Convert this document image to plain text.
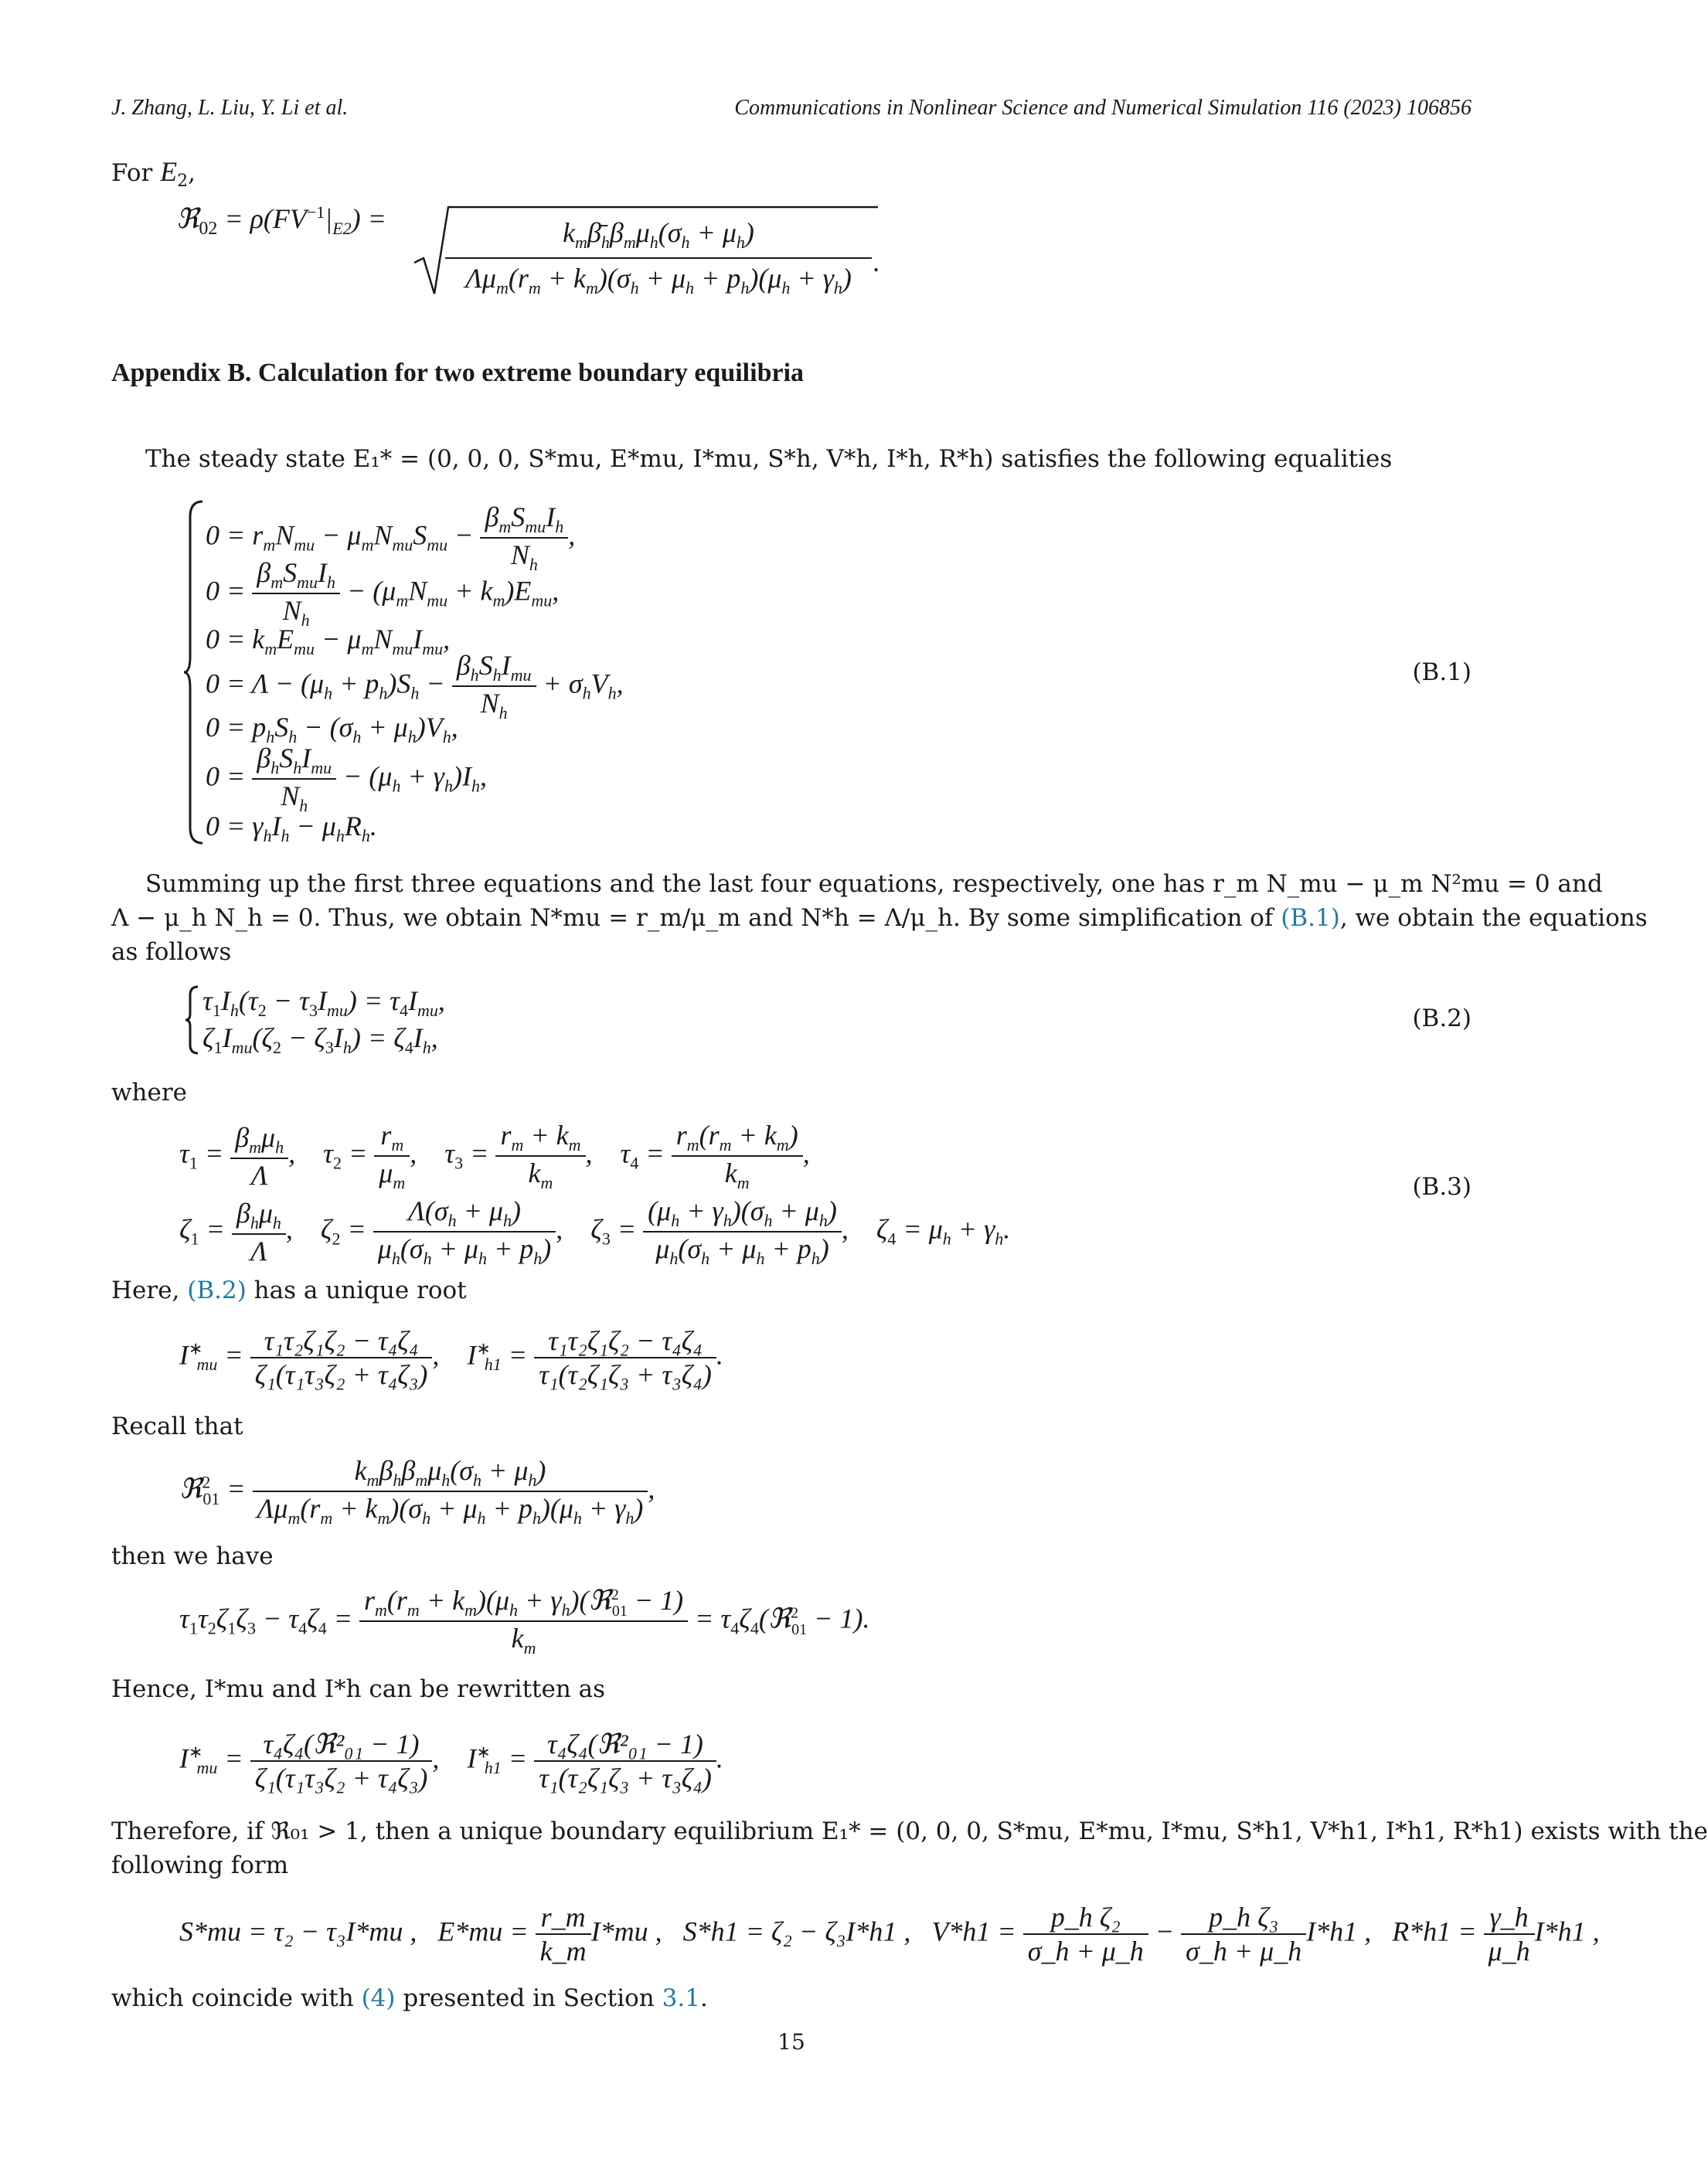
J. Zhang, L. Liu, Y. Li et al.	Communications in Nonlinear Science and Numerical Simulation 116 (2023) 106856
For $E_2$,
ℜ$_{02}$ = $\rho(FV^{-1}|_{E2})$ =	$k_m\betā_h\beta_m\mu_h(\sigma_h + \mu_h)$
$\Lambda\mu_m(r_m + k_m)(\sigma_h + \mu_h + p_h)(\mu_h + \gamma_h)$
.
Appendix B. Calculation for two extreme boundary equilibria
The steady state E₁* = (0, 0, 0, S*mu, E*mu, I*mu, S*h, V*h, I*h, R*h) satisfies the following equalities
$0 = r_mN_{mu} - \mu_mN_{mu}S_{mu} - \frac{\beta_mS_{mu}I_h}{N_h}$ ,
$0 = \frac{\beta_mS_{mu}I_h}{N_h} - (\mu_mN_{mu} + k_m)E_{mu}$,
$0 = k_mE_{mu} - \mu_mN_{mu}I_{mu}$,
$0 = \Lambda - (\mu_h + p_h)S_h - \frac{\beta_hS_hI_{mu}}{N_h} + \sigma_hV_h$,
$0 = p_hS_h - (\sigma_h + \mu_h)V_h$,
$0 = \frac{\beta_hS_hI_{mu}}{N_h} - (\mu_h + \gamma_h)I_h$,
$0 = \gamma_hI_h - \mu_hR_h$.
(B.1)
Summing up the first three equations and the last four equations, respectively, one has r_m N_mu − μ_m N²mu = 0 and
Λ − μ_h N_h = 0. Thus, we obtain N*mu = r_m/μ_m and N*h = Λ/μ_h. By some simplification of (B.1), we obtain the equations
as follows
$\tau_1I_h(\tau_2 - \tau_3I_{mu}) = \tau_4I_{mu}$,
$\zeta_1I_{mu}(\zeta_2 - \zeta_3I_h) = \zeta_4I_h$,
(B.2)
where
$\tau_1 = \frac{\beta_m\mu_h}{\Lambda}$ ,    $\tau_2 = \frac{r_m}{\mu_m}$ ,    $\tau_3 = \frac{r_m + k_m}{k_m}$ ,    $\tau_4 = \frac{r_m(r_m + k_m)}{k_m}$ ,
$\zeta_1 = \frac{\beta_h\mu_h}{\Lambda}$ ,    $\zeta_2 = \frac{\Lambda(\sigma_h + \mu_h)}{\mu_h(\sigma_h + \mu_h + p_h)}$ ,    $\zeta_3 = \frac{(\mu_h + \gamma_h)(\sigma_h + \mu_h)}{\mu_h(\sigma_h + \mu_h + p_h)}$ ,    $\zeta_4 = \mu_h + \gamma_h$.
(B.3)
Here, (B.2) has a unique root
$I^∗_{mu} = \frac{\text{τ₁τ₂ζ₁ζ₂ − τ₄ζ₄}}{\text{ζ₁(τ₁τ₃ζ₂ + τ₄ζ₃)}}$ ,    $I^∗_{h1} = \frac{\text{τ₁τ₂ζ₁ζ₂ − τ₄ζ₄}}{\text{τ₁(τ₂ζ₁ζ₃ + τ₃ζ₄)}}$ .
Recall that
ℜ$^2_{01}$ = $\frac{k_m\beta_h\beta_m\mu_h(\sigma_h + \mu_h)}{\Lambda\mu_m(r_m + k_m)(\sigma_h + \mu_h + p_h)(\mu_h + \gamma_h)}$ ,
then we have
$\tau_1\tau_2\zeta_1\zeta_3 - \tau_4\zeta_4 = \frac{r_m(r_m + k_m)(\mu_h + \gamma_h)(ℜ^2_{01} - 1)}{k_m}$ = $\tau_4\zeta_4(ℜ^2_{01} - 1)$.
Hence, I*mu and I*h can be rewritten as
$I^∗_{mu} = \frac{\text{τ₄ζ₄(ℜ²₀₁ − 1)}}{\text{ζ₁(τ₁τ₃ζ₂ + τ₄ζ₃)}}$ ,    $I^∗_{h1} = \frac{\text{τ₄ζ₄(ℜ²₀₁ − 1)}}{\text{τ₁(τ₂ζ₁ζ₃ + τ₃ζ₄)}}$ .
Therefore, if ℜ₀₁ > 1, then a unique boundary equilibrium E₁* = (0, 0, 0, S*mu, E*mu, I*mu, S*h1, V*h1, I*h1, R*h1) exists with the
following form
S*mu = τ₂ − τ₃I*mu , $E*mu = \frac{r\_m}{k\_m} I*mu$ , S*h1 = ζ₂ − ζ₃I*h1 , $V*h1 = \frac{\text{p\_h ζ₂}}{\sigma\_h + \mu\_h} - \frac{\text{p\_h ζ₃}}{\sigma\_h + \mu\_h} I*h1$ , $R*h1 = \frac{\gamma\_h}{\mu\_h} I*h1$ ,
which coincide with (4) presented in Section 3.1.
15
